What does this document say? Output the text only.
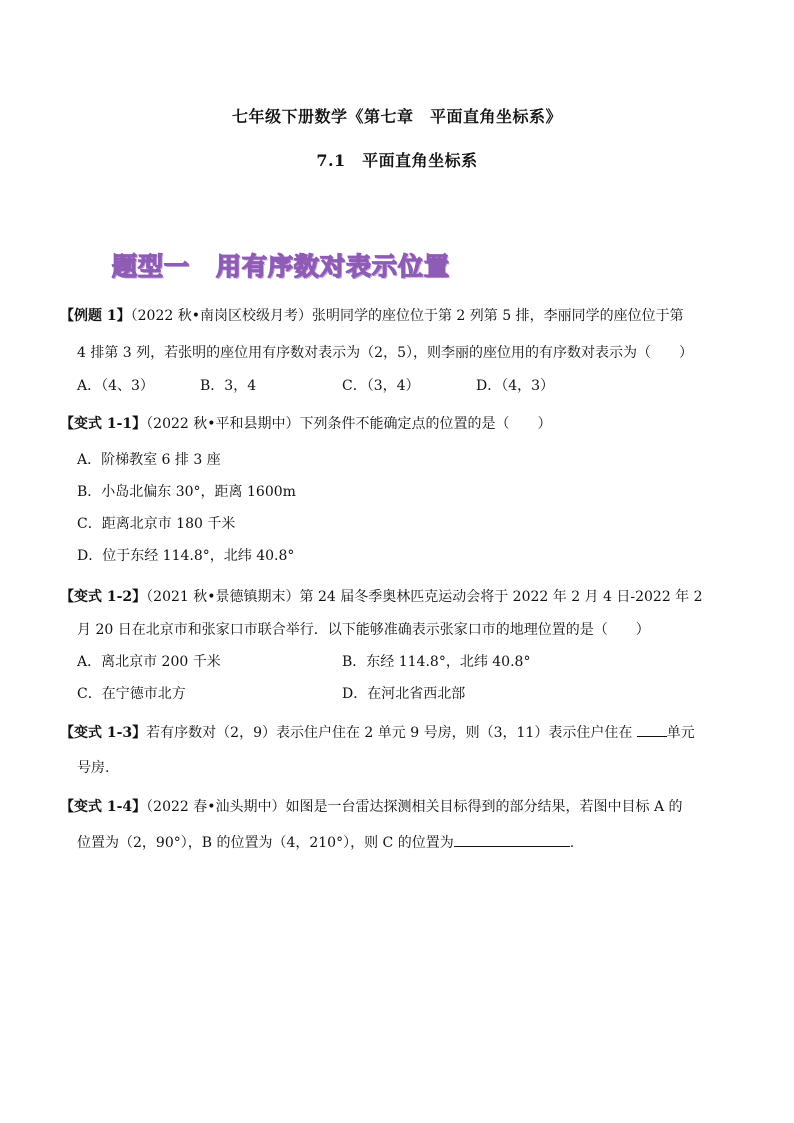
七年级下册数学《第七章　平面直角坐标系》
7.1　平面直角坐标系
题型一　用有序数对表示位置
【例题 1】（2022 秋•南岗区校级月考）张明同学的座位位于第 2 列第 5 排，李丽同学的座位位于第
4 排第 3 列，若张明的座位用有序数对表示为（2，5），则李丽的座位用的有序数对表示为（　　）
A．（4、3）	B．3，4	C．（3，4）	D．（4，3）
【变式 1-1】（2022 秋•平和县期中）下列条件不能确定点的位置的是（　　）
A．阶梯教室 6 排 3 座
B．小岛北偏东 30°，距离 1600m
C．距离北京市 180 千米
D．位于东经 114.8°，北纬 40.8°
【变式 1-2】（2021 秋•景德镇期末）第 24 届冬季奥林匹克运动会将于 2022 年 2 月 4 日-2022 年 2
月 20 日在北京市和张家口市联合举行．以下能够准确表示张家口市的地理位置的是（　　）
A．离北京市 200 千米	B．东经 114.8°，北纬 40.8°
C．在宁德市北方	D．在河北省西北部
【变式 1-3】若有序数对（2，9）表示住户住在 2 单元 9 号房，则（3，11）表示住户住在 单元
号房.
【变式 1-4】（2022 春•汕头期中）如图是一台雷达探测相关目标得到的部分结果，若图中目标 A 的
位置为（2，90°），B 的位置为（4，210°），则 C 的位置为	.
